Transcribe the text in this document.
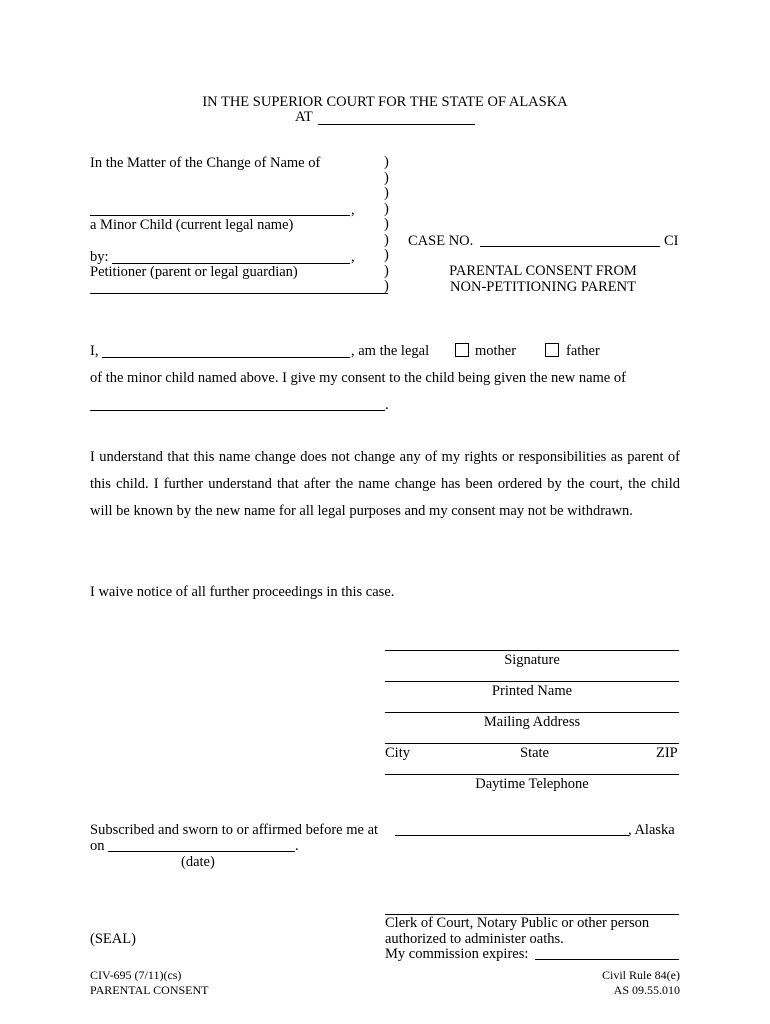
IN THE SUPERIOR COURT FOR THE STATE OF ALASKA
AT
In the Matter of the Change of Name of
,
a Minor Child (current legal name)
by:	,
Petitioner (parent or legal guardian)
)
)
)
)
)
)
)
)
)
CASE NO.	CI
PARENTAL CONSENT FROM
NON-PETITIONING PARENT
I,	, am the legal	mother	father
of the minor child named above. I give my consent to the child being given the new name of
.
I understand that this name change does not change any of my rights or responsibilities as parent of this child. I further understand that after the name change has been ordered by the court, the child will be known by the new name for all legal purposes and my consent may not be withdrawn.
I waive notice of all further proceedings in this case.
Signature
Printed Name
Mailing Address
City	State	ZIP
Daytime Telephone
Subscribed and sworn to or affirmed before me at	, Alaska
on	.
(date)
Clerk of Court, Notary Public or other person
authorized to administer oaths.
(SEAL)
My commission expires:
CIV-695 (7/11)(cs)
PARENTAL CONSENT
Civil Rule 84(e)
AS 09.55.010
